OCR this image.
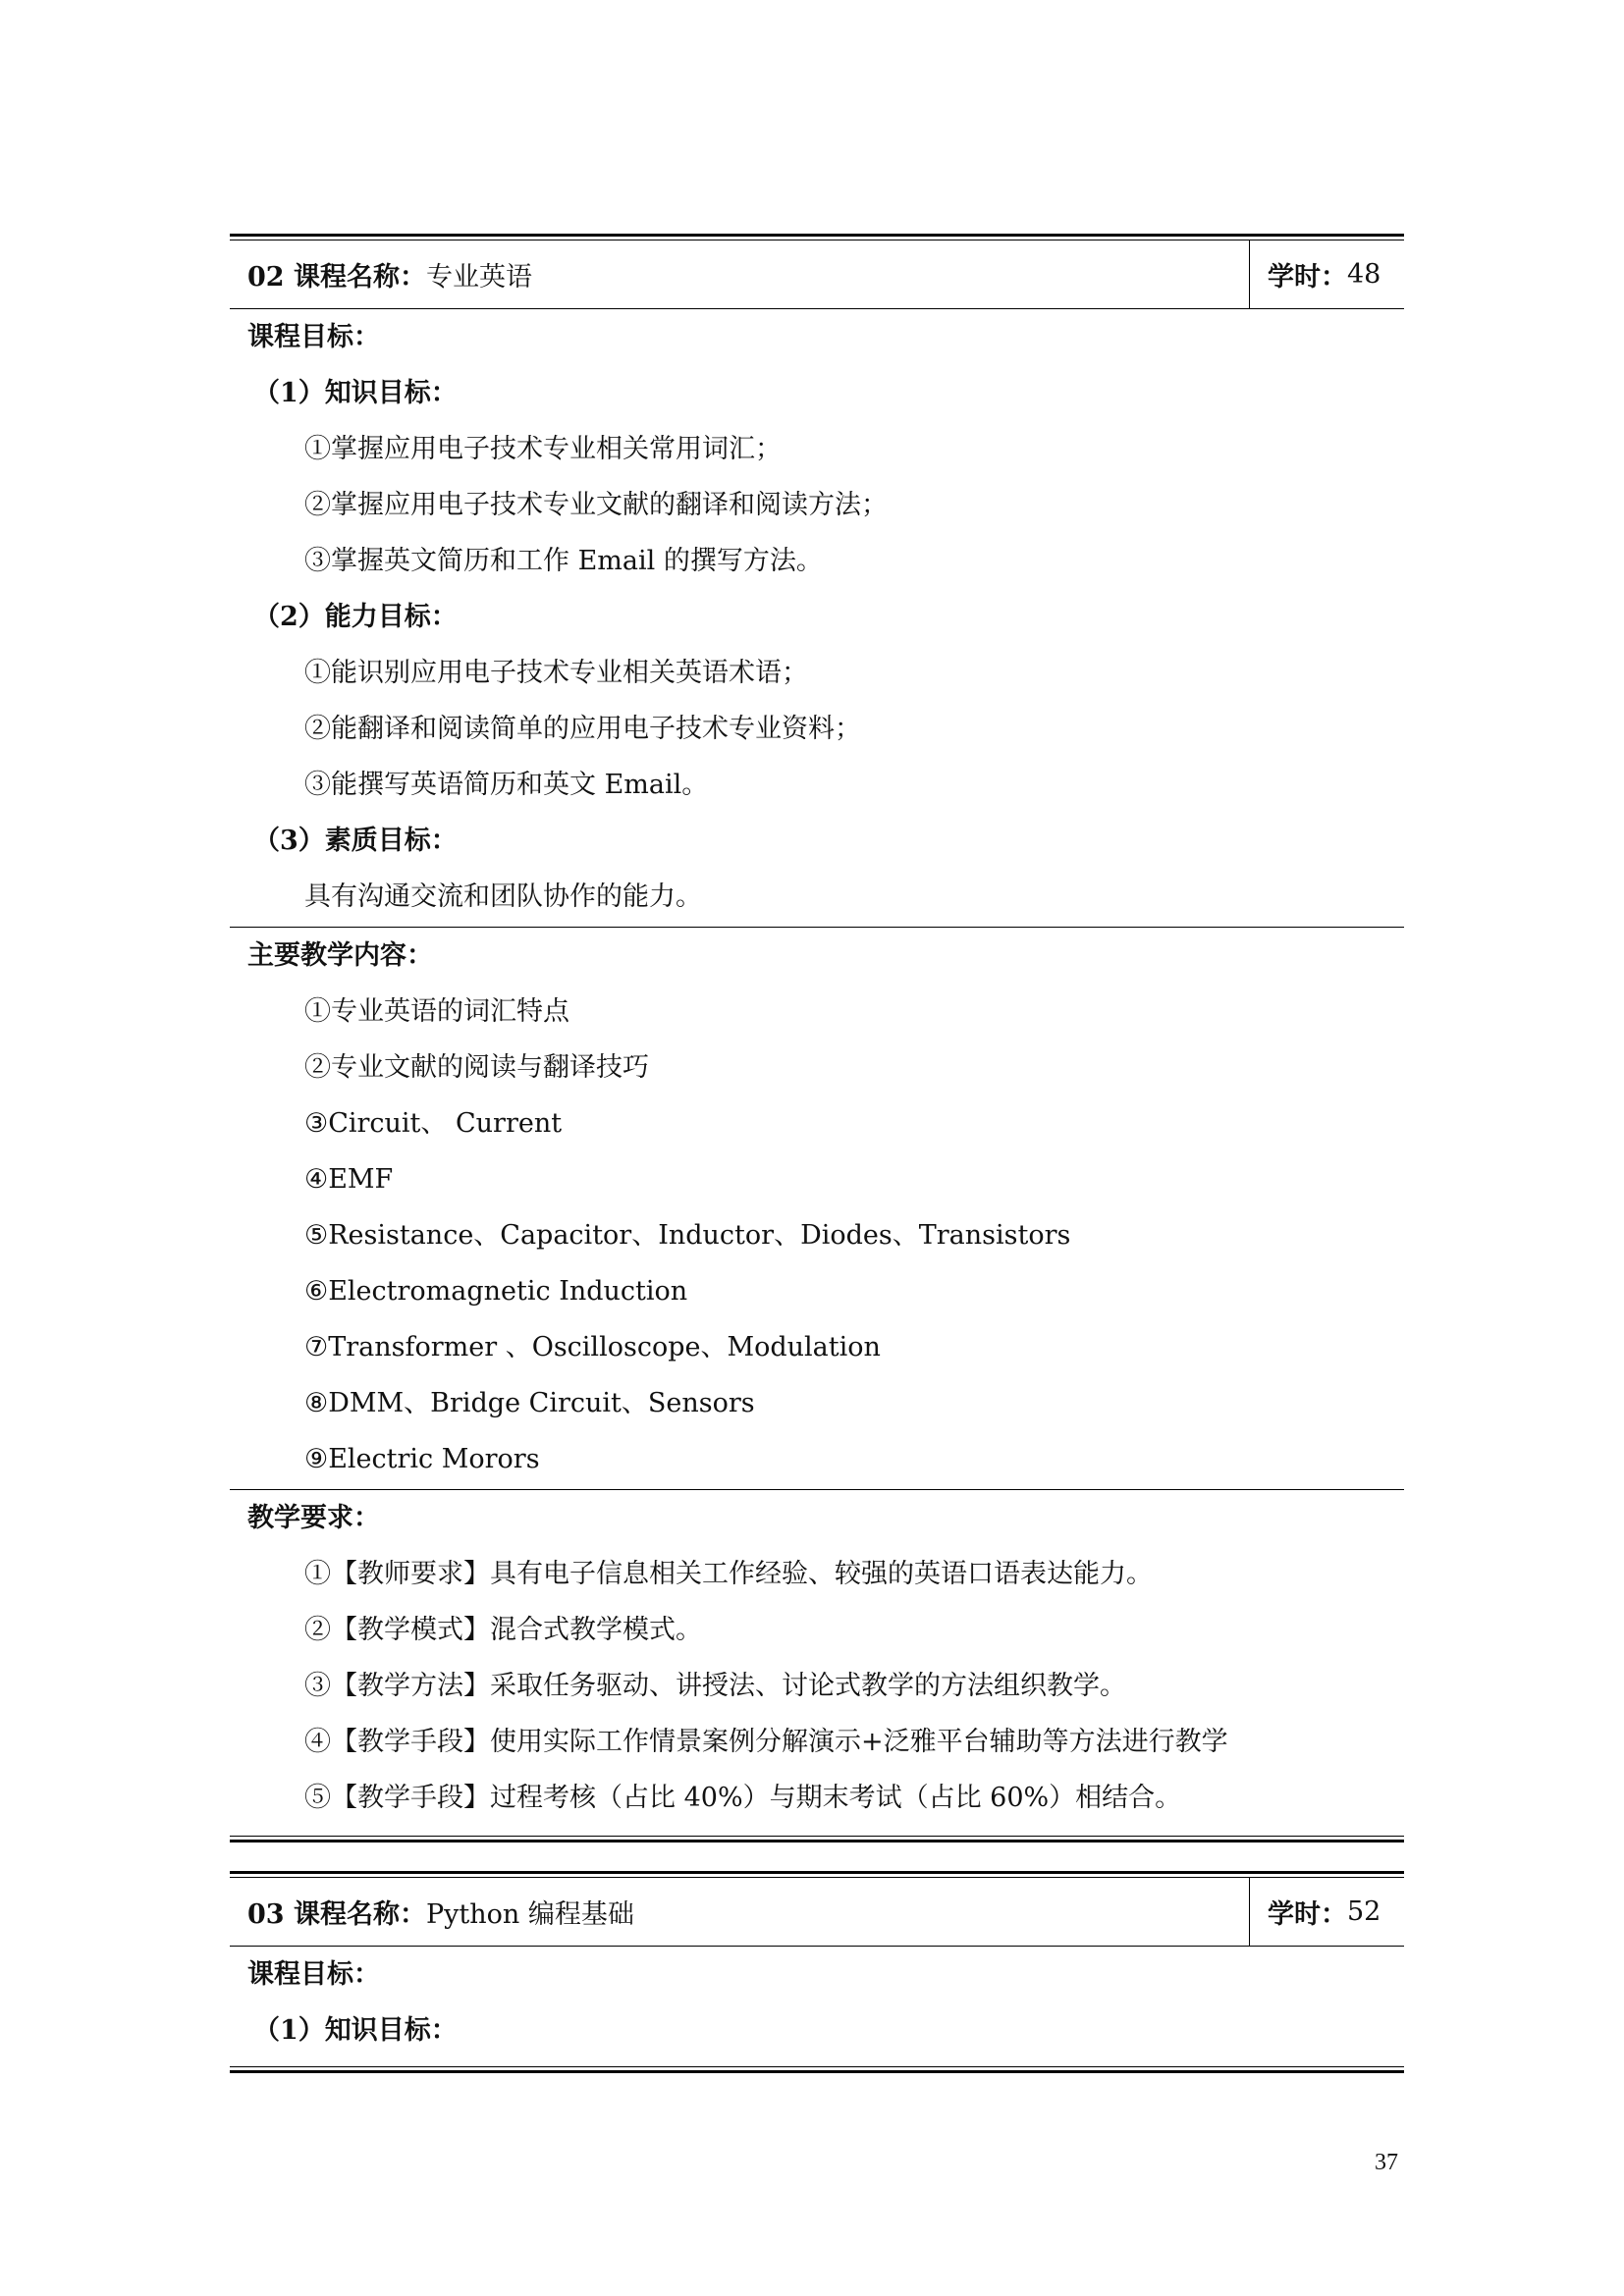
02 课程名称： 专业英语	学时： 48
课程目标：
（1）知识目标：
①掌握应用电子技术专业相关常用词汇；
②掌握应用电子技术专业文献的翻译和阅读方法；
③掌握英文简历和工作 Email 的撰写方法。
（2）能力目标：
①能识别应用电子技术专业相关英语术语；
②能翻译和阅读简单的应用电子技术专业资料；
③能撰写英语简历和英文 Email。
（3）素质目标：
具有沟通交流和团队协作的能力。
主要教学内容：
①专业英语的词汇特点
②专业文献的阅读与翻译技巧
③Circuit、 Current
④EMF
⑤Resistance、Capacitor、Inductor、Diodes、Transistors
⑥Electromagnetic Induction
⑦Transformer 、Oscilloscope、Modulation
⑧DMM、Bridge Circuit、Sensors
⑨Electric Morors
教学要求：
①【教师要求】具有电子信息相关工作经验、较强的英语口语表达能力。
②【教学模式】混合式教学模式。
③【教学方法】采取任务驱动、讲授法、讨论式教学的方法组织教学。
④【教学手段】使用实际工作情景案例分解演示+泛雅平台辅助等方法进行教学
⑤【教学手段】过程考核（占比 40%）与期末考试（占比 60%）相结合。
03 课程名称： Python 编程基础	学时： 52
课程目标：
（1）知识目标：
37
